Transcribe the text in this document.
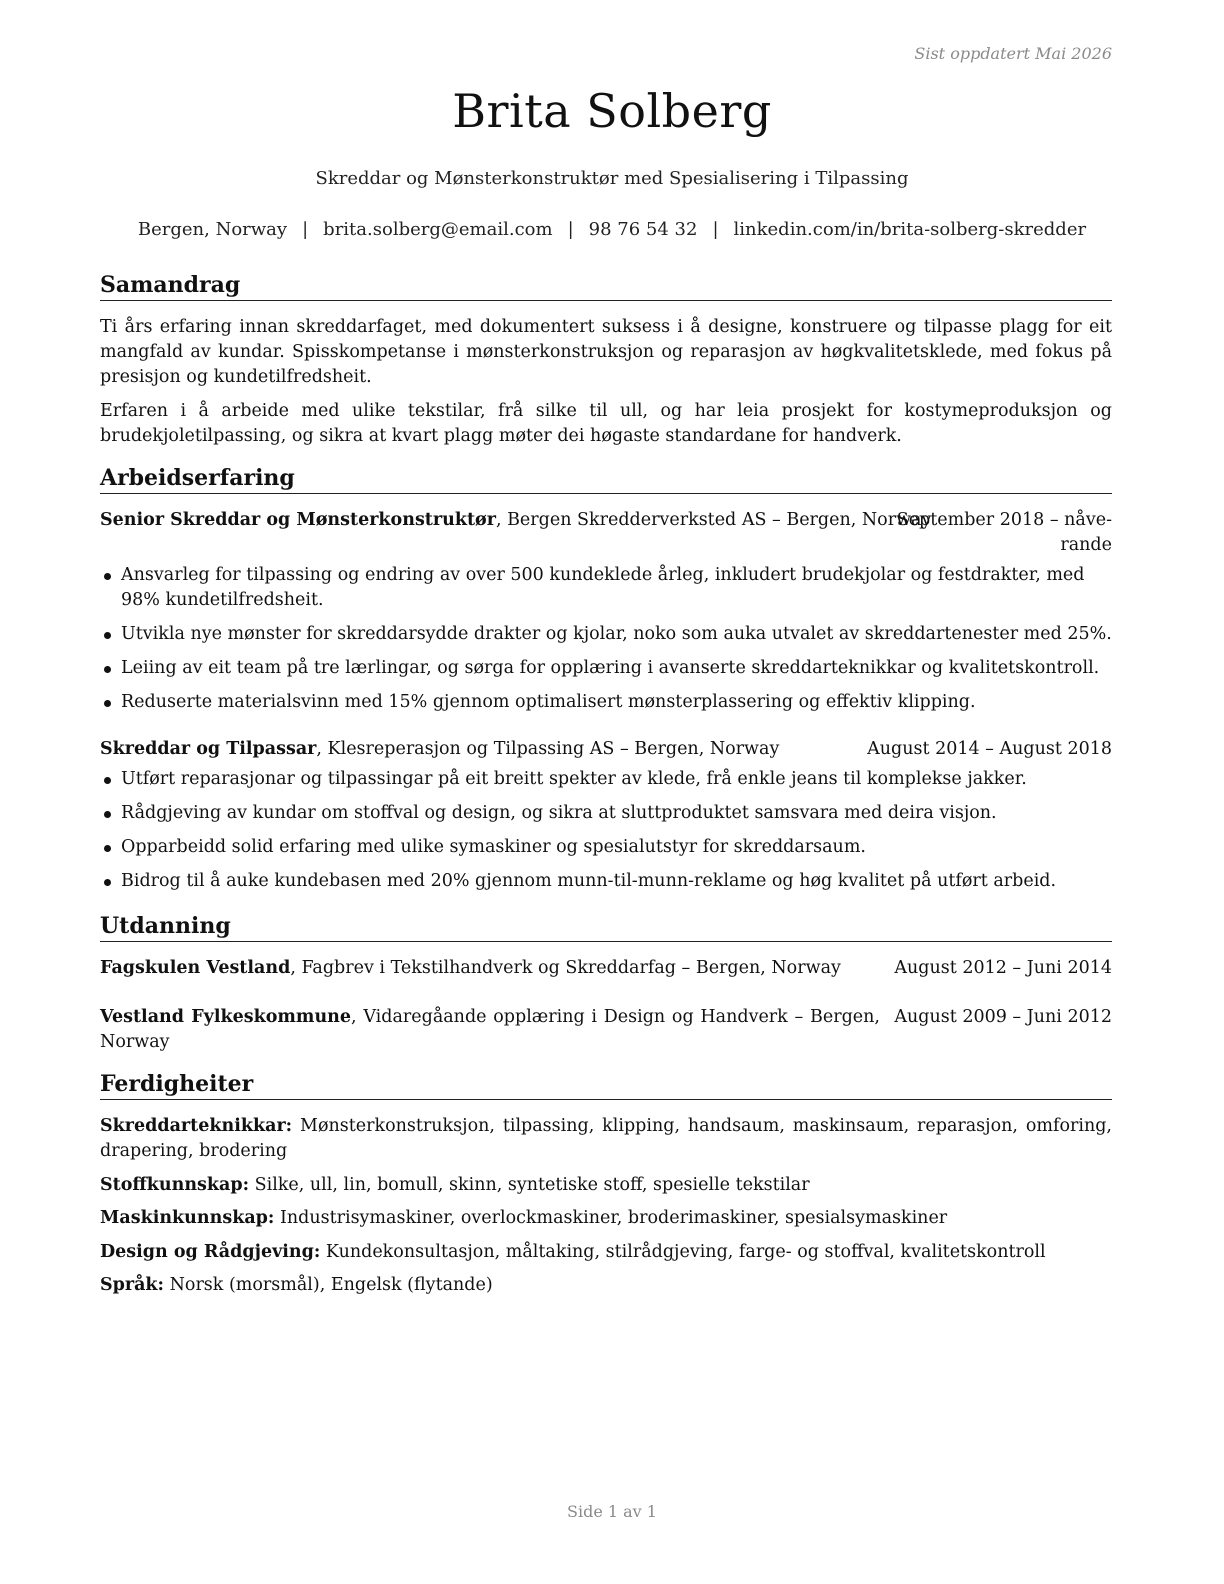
Sist oppdatert Mai 2026
Brita Solberg
Skreddar og Mønsterkonstruktør med Spesialisering i Tilpassing
Bergen, Norway | brita.solberg@email.com | 98 76 54 32 | linkedin.com/in/brita-solberg-skredder
Samandrag
Ti års erfaring innan skreddarfaget, med dokumentert suksess i å designe, konstruere og tilpasse plagg for eit mangfald av kundar. Spisskompetanse i mønsterkonstruksjon og reparasjon av høgkvalitetsklede, med fokus på presisjon og kundetilfredsheit.
Erfaren i å arbeide med ulike tekstilar, frå silke til ull, og har leia prosjekt for kostymeproduksjon og brudekjoletilpassing, og sikra at kvart plagg møter dei høgaste standardane for handverk.
Arbeidserfaring
Senior Skreddar og Mønsterkonstruktør, Bergen Skredderverksted AS – Bergen, Norway
September 2018 – nåve-
rande
Ansvarleg for tilpassing og endring av over 500 kundeklede årleg, inkludert brudekjolar og festdrakter, med 98% kundetilfredsheit.
Utvikla nye mønster for skreddarsydde drakter og kjolar, noko som auka utvalet av skreddartenester med 25%.
Leiing av eit team på tre lærlingar, og sørga for opplæring i avanserte skreddarteknikkar og kvalitetskontroll.
Reduserte materialsvinn med 15% gjennom optimalisert mønsterplassering og effektiv klipping.
Skreddar og Tilpassar, Klesreperasjon og Tilpassing AS – Bergen, Norway	August 2014 – August 2018
Utført reparasjonar og tilpassingar på eit breitt spekter av klede, frå enkle jeans til komplekse jakker.
Rådgjeving av kundar om stoffval og design, og sikra at sluttproduktet samsvara med deira visjon.
Opparbeidd solid erfaring med ulike symaskiner og spesialutstyr for skreddarsaum.
Bidrog til å auke kundebasen med 20% gjennom munn-til-munn-reklame og høg kvalitet på utført arbeid.
Utdanning
Fagskulen Vestland, Fagbrev i Tekstilhandverk og Skreddarfag – Bergen, Norway	August 2012 – Juni 2014
Vestland Fylkeskommune, Vidaregåande opplæring i Design og Handverk – Bergen, Norway
August 2009 – Juni 2012
Ferdigheiter
Skreddarteknikkar: Mønsterkonstruksjon, tilpassing, klipping, handsaum, maskinsaum, reparasjon, omforing, drapering, brodering
Stoffkunnskap: Silke, ull, lin, bomull, skinn, syntetiske stoff, spesielle tekstilar
Maskinkunnskap: Industrisymaskiner, overlockmaskiner, broderimaskiner, spesialsymaskiner
Design og Rådgjeving: Kundekonsultasjon, måltaking, stilrådgjeving, farge- og stoffval, kvalitetskontroll
Språk: Norsk (morsmål), Engelsk (flytande)
Side 1 av 1
